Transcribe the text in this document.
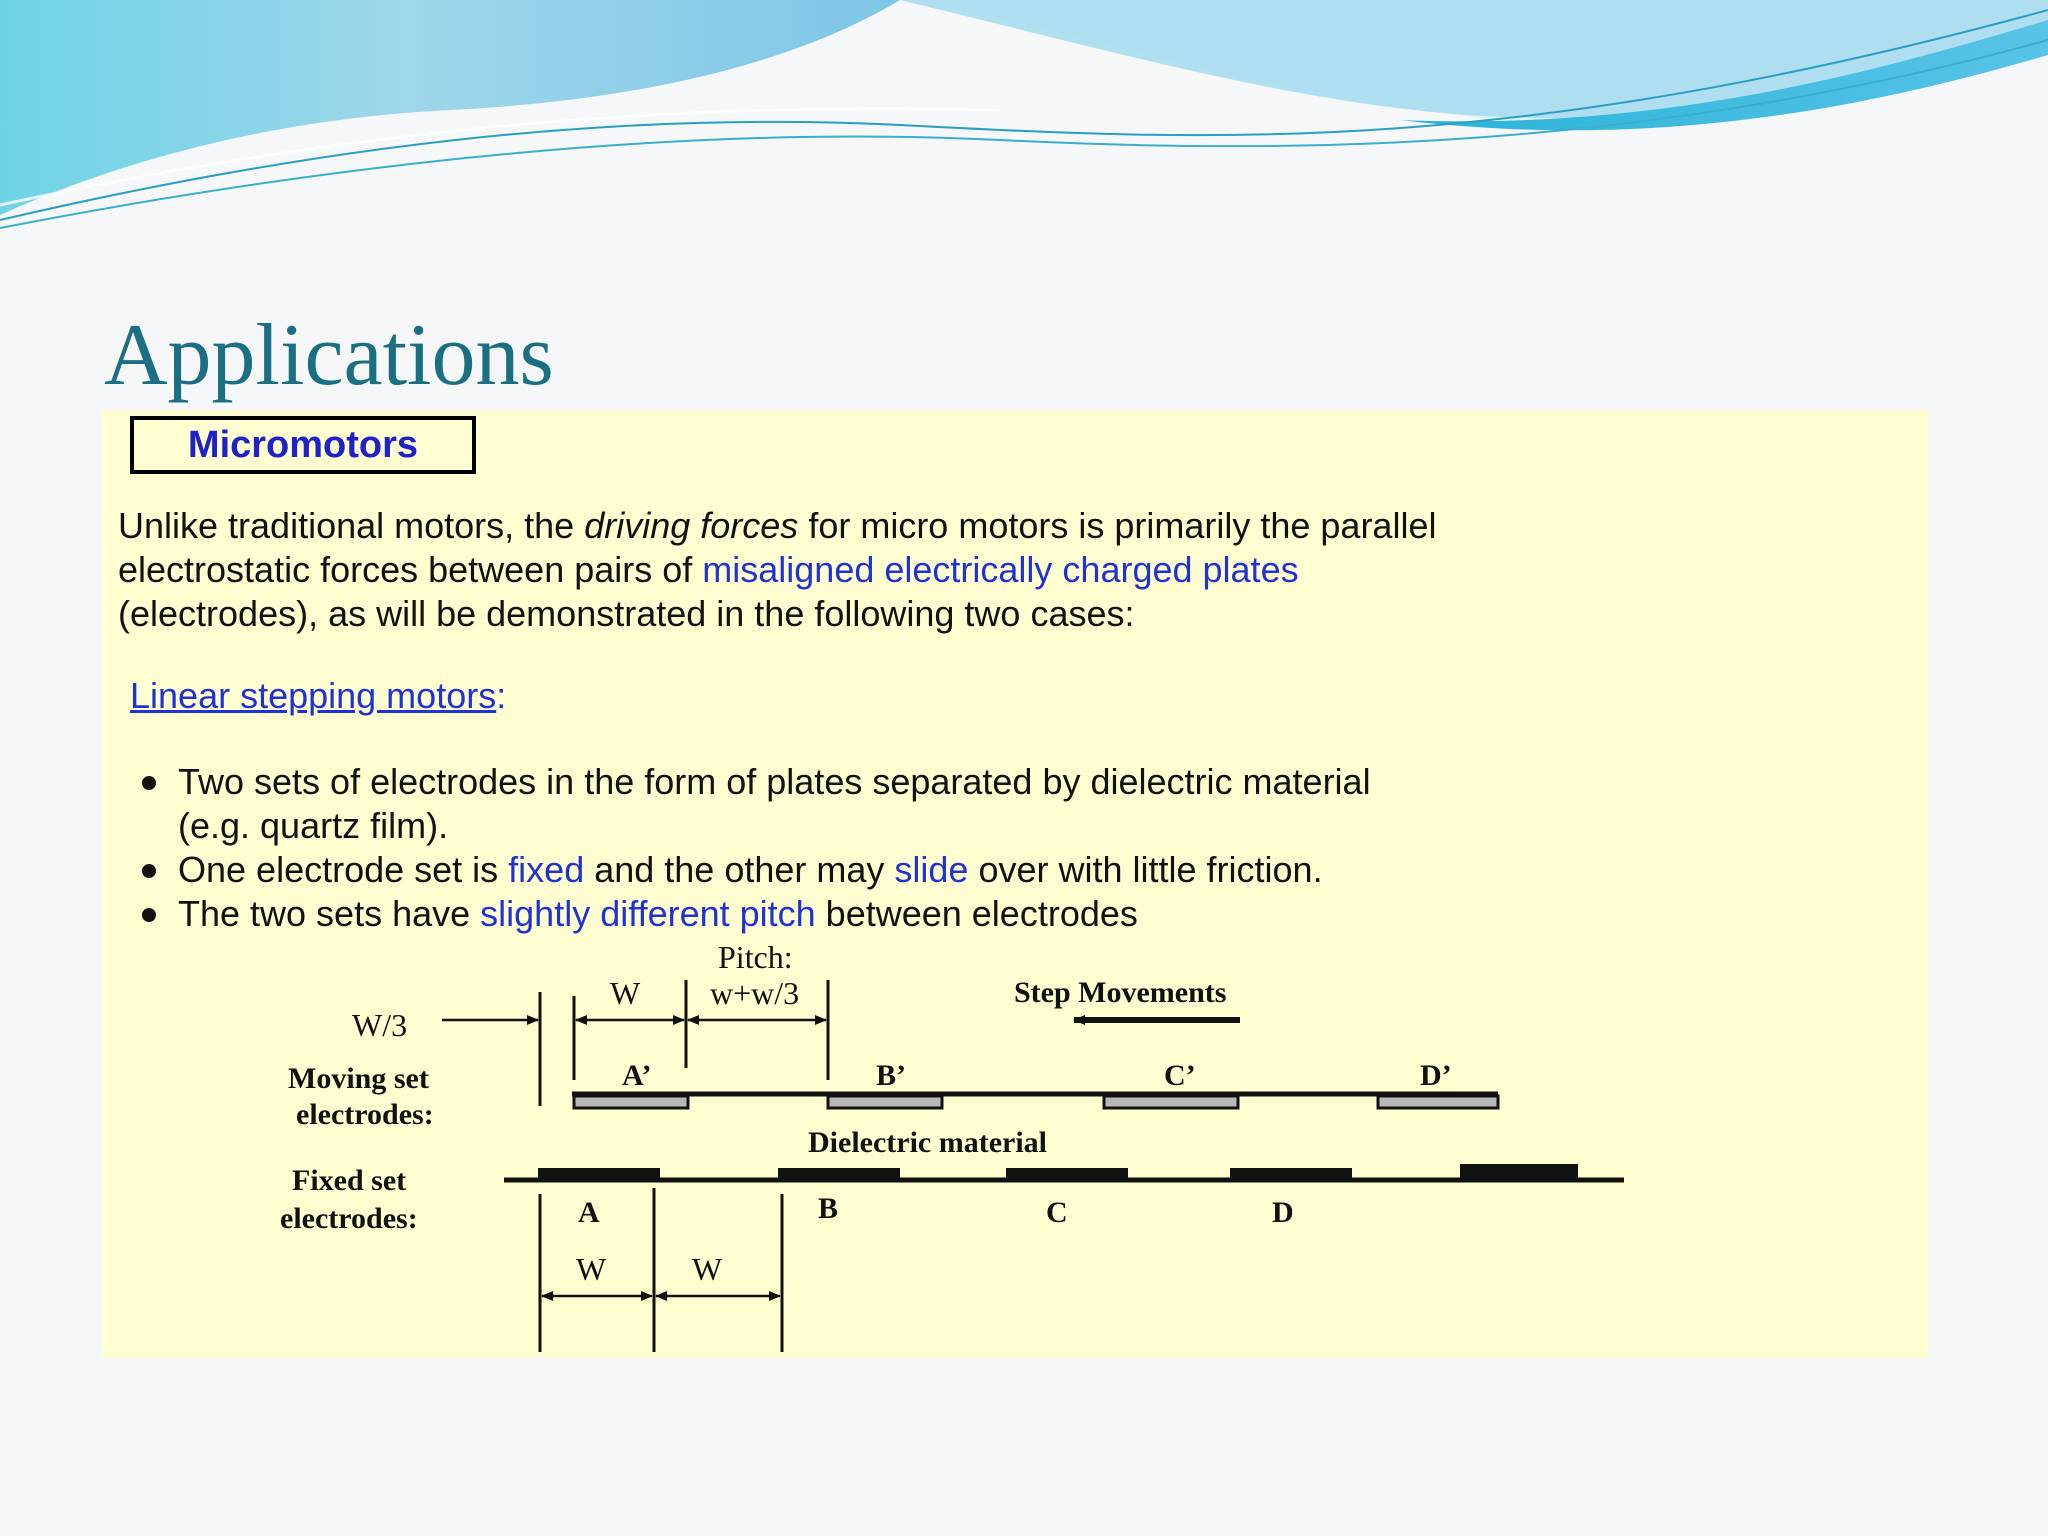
Applications
Micromotors
Unlike traditional motors, the driving forces for micro motors is primarily the parallel
electrostatic forces between pairs of misaligned electrically charged plates
(electrodes), as will be demonstrated in the following two cases:
Linear stepping motors:
Two sets of electrodes in the form of plates separated by dielectric material
(e.g. quartz film).
One electrode set is fixed and the other may slide over with little friction.
The two sets have slightly different pitch between electrodes
Pitch:
w+w/3
W
W/3
Step Movements
Moving set
electrodes:
A’	B’	C’	D’
Dielectric material
Fixed set
electrodes:	A	B	C	D
W	W
